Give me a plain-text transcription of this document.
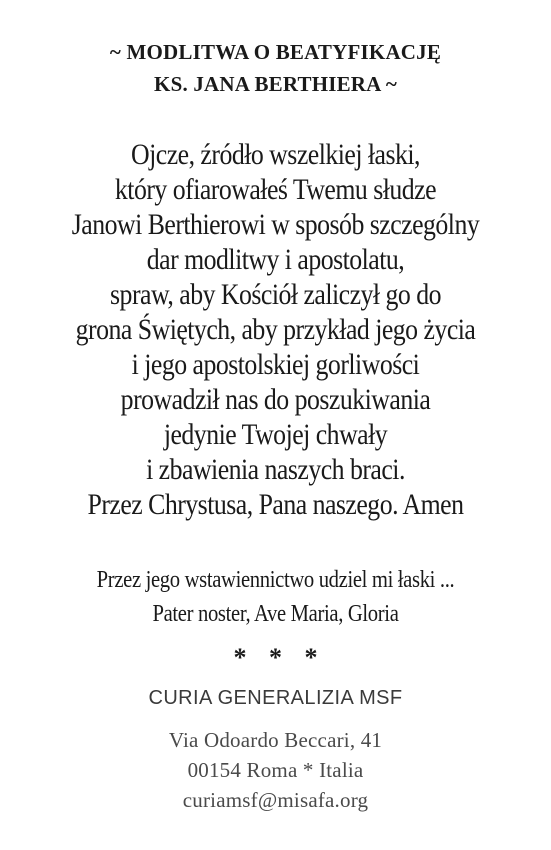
~ MODLITWA O BEATYFIKACJĘ
KS. JANA BERTHIERA ~
Ojcze, źródło wszelkiej łaski,
który ofiarowałeś Twemu słudze
Janowi Berthierowi w sposób szczególny
dar modlitwy i apostolatu,
spraw, aby Kościół zaliczył go do
grona Świętych, aby przykład jego życia
i jego apostolskiej gorliwości
prowadził nas do poszukiwania
jedynie Twojej chwały
i zbawienia naszych braci.
Przez Chrystusa, Pana naszego. Amen
Przez jego wstawiennictwo udziel mi łaski ...
Pater noster, Ave Maria, Gloria
* * *
CURIA GENERALIZIA MSF
Via Odoardo Beccari, 41
00154 Roma * Italia
curiamsf@misafa.org
